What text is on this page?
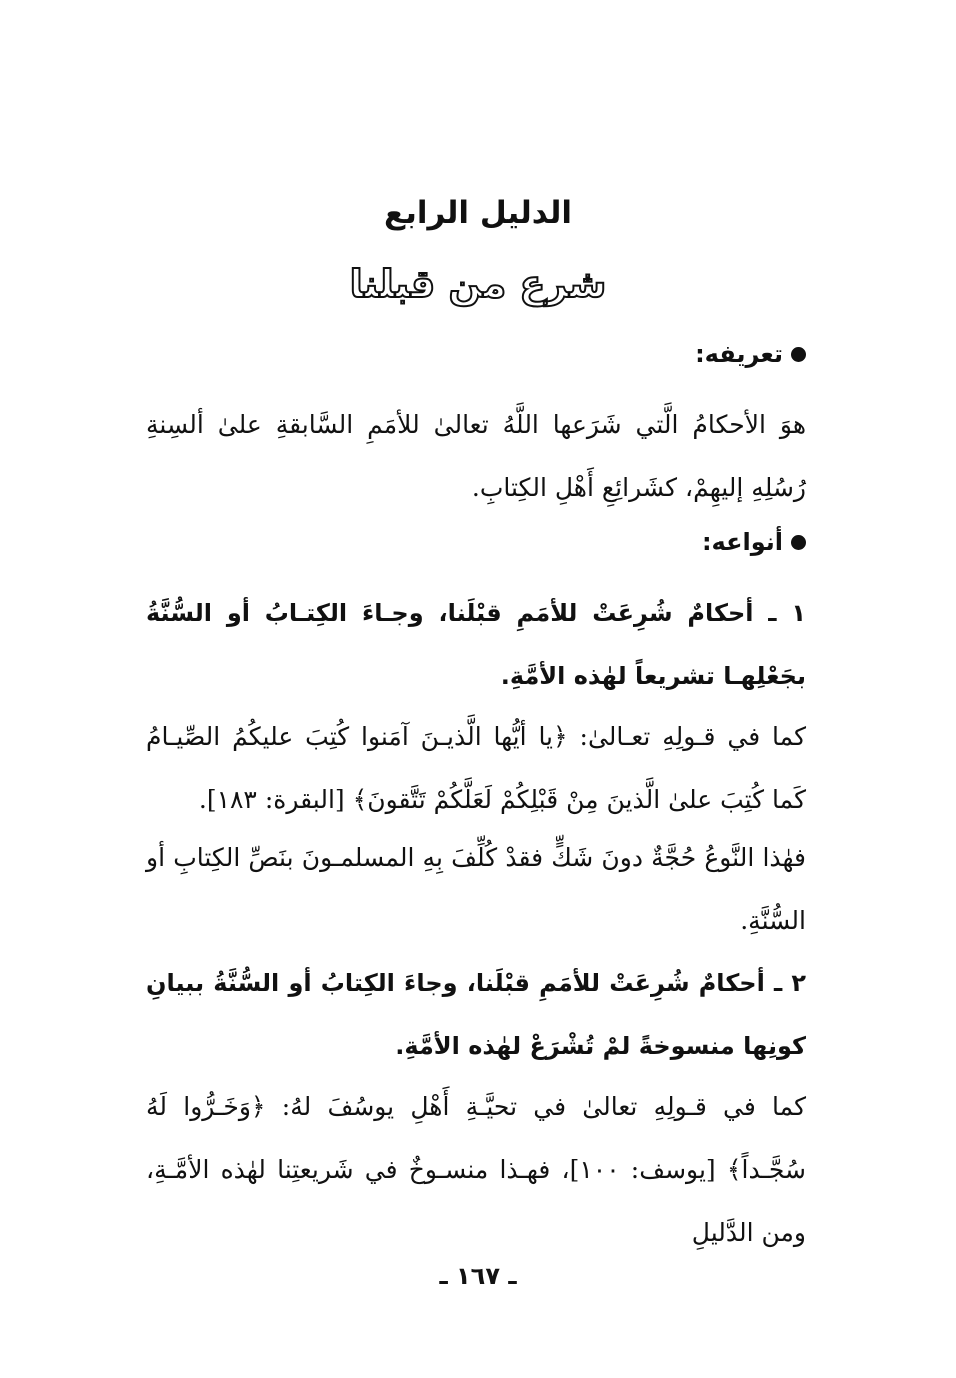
الدليل الرابع
شرع من قبلنا
تعريفه:

هوَ الأحكامُ الَّتي شَرَعها اللَّهُ تعالىٰ للأمَمِ السَّابقةِ علىٰ ألسِنةِ رُسُلِهِ إليهِمْ، كشَرائِعِ أَهْلِ الكِتابِ.

أنواعه:

١ ـ أحكامٌ شُرِعَتْ للأمَمِ قبْلَنا، وجـاءَ الكِتـابُ أو السُّنَّةُ بجَعْلِهـا تشريعاً لهٰذه الأمَّةِ.

كما في قـولِهِ تعـالىٰ: ﴿يا أيُّها الَّذيـنَ آمَنوا كُتِبَ عليكُمُ الصِّيـامُ كَما كُتِبَ علىٰ الَّذينَ مِنْ قَبْلِكُمْ لَعَلَّكُمْ تَتَّقونَ﴾ [البقرة: ١٨٣].

فهٰذا النَّوعُ حُجَّةٌ دونَ شَكٍّ فقدْ كُلِّفَ بِهِ المسلمـونَ بنَصِّ الكِتابِ أو السُّنَّةِ.

٢ ـ أحكامٌ شُرِعَتْ للأمَمِ قبْلَنا، وجاءَ الكِتابُ أو السُّنَّةُ ببيانِ كونِها منسوخةً لمْ تُشْرَعْ لهٰذه الأمَّةِ.

كما في قـولِهِ تعالىٰ في تحيَّـةِ أَهْلِ يوسُفَ لهُ: ﴿وَخَـرُّوا لَهُ سُجَّـداً﴾ [يوسف: ١٠٠]، فهـذا منسـوخٌ في شَريعتِنا لهٰذه الأمَّـةِ، ومن الدَّليلِ

ـ ١٦٧ ـ
